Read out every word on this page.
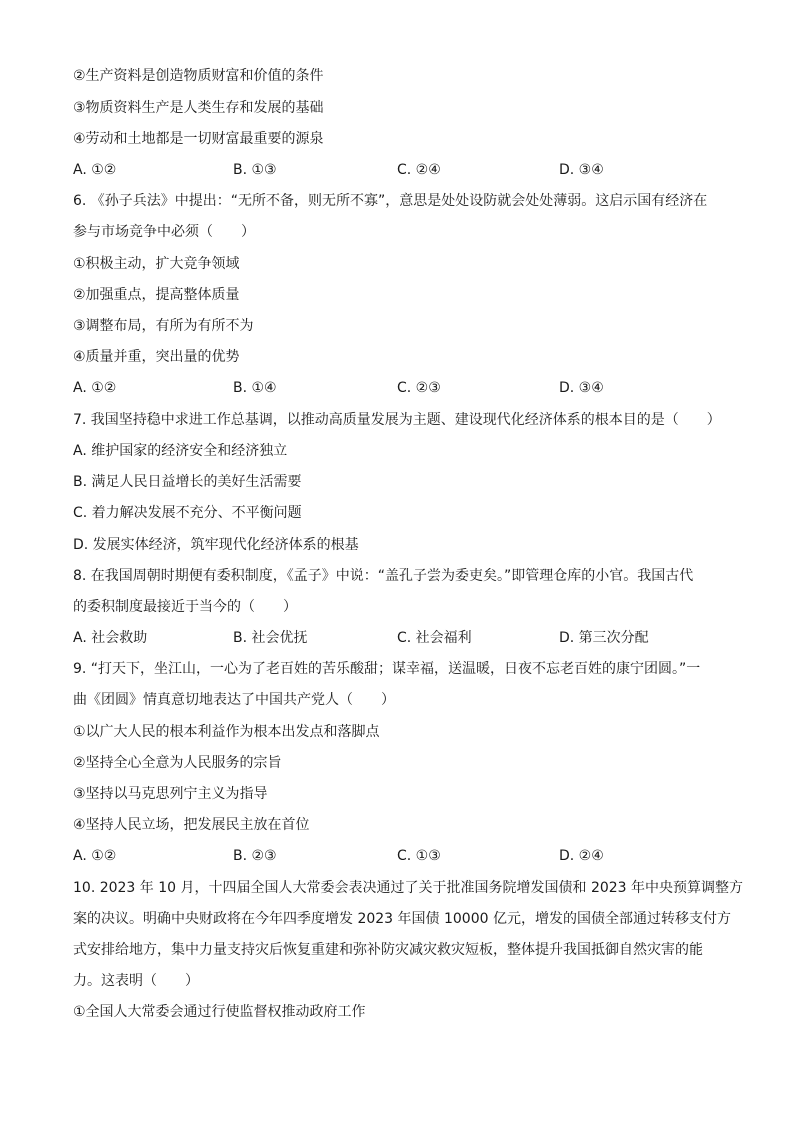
②生产资料是创造物质财富和价值的条件
③物质资料生产是人类生存和发展的基础
④劳动和土地都是一切财富最重要的源泉
A. ①②	B. ①③	C. ②④	D. ③④
6. 《孙子兵法》中提出：“无所不备，则无所不寡”，意思是处处设防就会处处薄弱。这启示国有经济在
参与市场竞争中必须（　　）
①积极主动，扩大竞争领域
②加强重点，提高整体质量
③调整布局，有所为有所不为
④质量并重，突出量的优势
A. ①②	B. ①④	C. ②③	D. ③④
7. 我国坚持稳中求进工作总基调，以推动高质量发展为主题、建设现代化经济体系的根本目的是（　　）
A. 维护国家的经济安全和经济独立
B. 满足人民日益增长的美好生活需要
C. 着力解决发展不充分、不平衡问题
D. 发展实体经济，筑牢现代化经济体系的根基
8. 在我国周朝时期便有委积制度，《孟子》中说：“盖孔子尝为委吏矣。”即管理仓库的小官。我国古代
的委积制度最接近于当今的（　　）
A. 社会救助	B. 社会优抚	C. 社会福利	D. 第三次分配
9. “打天下，坐江山，一心为了老百姓的苦乐酸甜；谋幸福，送温暖，日夜不忘老百姓的康宁团圆。”一
曲《团圆》情真意切地表达了中国共产党人（　　）
①以广大人民的根本利益作为根本出发点和落脚点
②坚持全心全意为人民服务的宗旨
③坚持以马克思列宁主义为指导
④坚持人民立场，把发展民主放在首位
A. ①②	B. ②③	C. ①③	D. ②④
10. 2023 年 10 月，十四届全国人大常委会表决通过了关于批准国务院增发国债和 2023 年中央预算调整方
案的决议。明确中央财政将在今年四季度增发 2023 年国债 10000 亿元，增发的国债全部通过转移支付方
式安排给地方，集中力量支持灾后恢复重建和弥补防灾减灾救灾短板，整体提升我国抵御自然灾害的能
力。这表明（　　）
①全国人大常委会通过行使监督权推动政府工作
